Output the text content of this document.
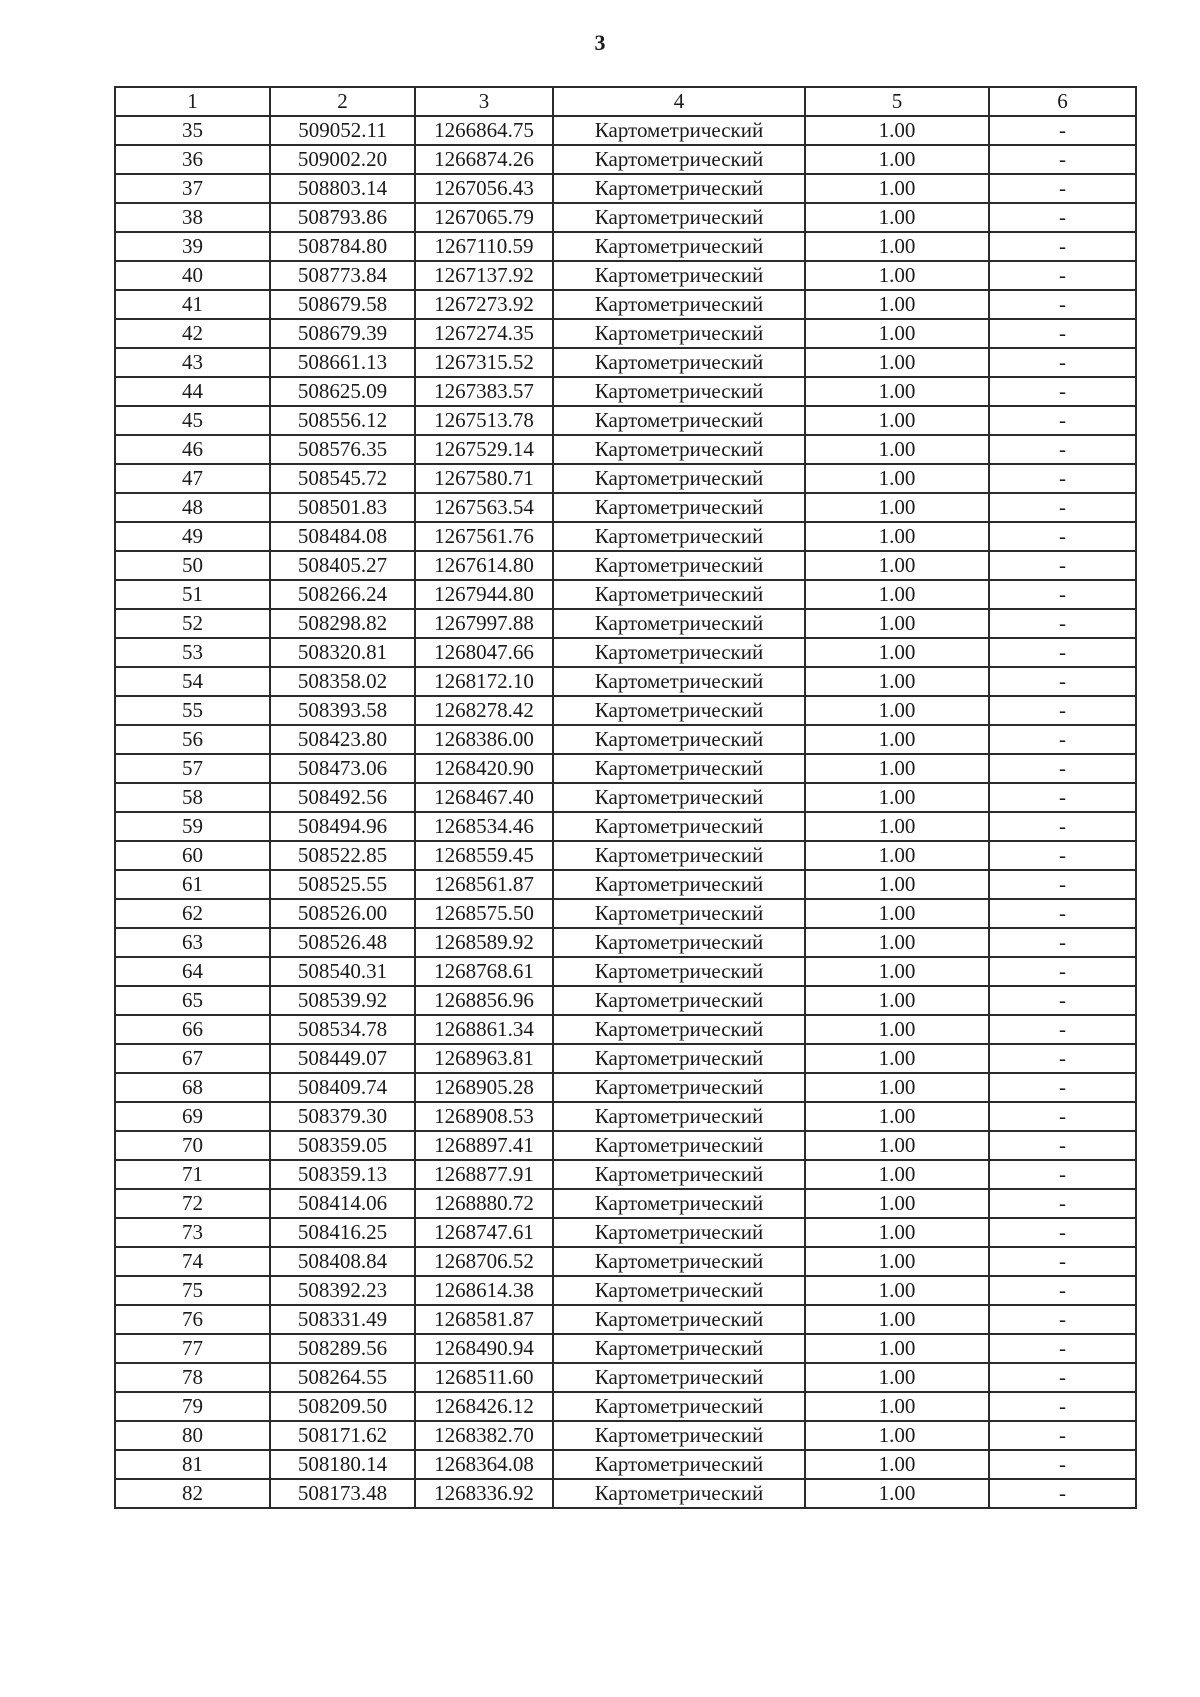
3
1	2	3	4	5	6
35	509052.11	1266864.75	Картометрический	1.00	-
36	509002.20	1266874.26	Картометрический	1.00	-
37	508803.14	1267056.43	Картометрический	1.00	-
38	508793.86	1267065.79	Картометрический	1.00	-
39	508784.80	1267110.59	Картометрический	1.00	-
40	508773.84	1267137.92	Картометрический	1.00	-
41	508679.58	1267273.92	Картометрический	1.00	-
42	508679.39	1267274.35	Картометрический	1.00	-
43	508661.13	1267315.52	Картометрический	1.00	-
44	508625.09	1267383.57	Картометрический	1.00	-
45	508556.12	1267513.78	Картометрический	1.00	-
46	508576.35	1267529.14	Картометрический	1.00	-
47	508545.72	1267580.71	Картометрический	1.00	-
48	508501.83	1267563.54	Картометрический	1.00	-
49	508484.08	1267561.76	Картометрический	1.00	-
50	508405.27	1267614.80	Картометрический	1.00	-
51	508266.24	1267944.80	Картометрический	1.00	-
52	508298.82	1267997.88	Картометрический	1.00	-
53	508320.81	1268047.66	Картометрический	1.00	-
54	508358.02	1268172.10	Картометрический	1.00	-
55	508393.58	1268278.42	Картометрический	1.00	-
56	508423.80	1268386.00	Картометрический	1.00	-
57	508473.06	1268420.90	Картометрический	1.00	-
58	508492.56	1268467.40	Картометрический	1.00	-
59	508494.96	1268534.46	Картометрический	1.00	-
60	508522.85	1268559.45	Картометрический	1.00	-
61	508525.55	1268561.87	Картометрический	1.00	-
62	508526.00	1268575.50	Картометрический	1.00	-
63	508526.48	1268589.92	Картометрический	1.00	-
64	508540.31	1268768.61	Картометрический	1.00	-
65	508539.92	1268856.96	Картометрический	1.00	-
66	508534.78	1268861.34	Картометрический	1.00	-
67	508449.07	1268963.81	Картометрический	1.00	-
68	508409.74	1268905.28	Картометрический	1.00	-
69	508379.30	1268908.53	Картометрический	1.00	-
70	508359.05	1268897.41	Картометрический	1.00	-
71	508359.13	1268877.91	Картометрический	1.00	-
72	508414.06	1268880.72	Картометрический	1.00	-
73	508416.25	1268747.61	Картометрический	1.00	-
74	508408.84	1268706.52	Картометрический	1.00	-
75	508392.23	1268614.38	Картометрический	1.00	-
76	508331.49	1268581.87	Картометрический	1.00	-
77	508289.56	1268490.94	Картометрический	1.00	-
78	508264.55	1268511.60	Картометрический	1.00	-
79	508209.50	1268426.12	Картометрический	1.00	-
80	508171.62	1268382.70	Картометрический	1.00	-
81	508180.14	1268364.08	Картометрический	1.00	-
82	508173.48	1268336.92	Картометрический	1.00	-
